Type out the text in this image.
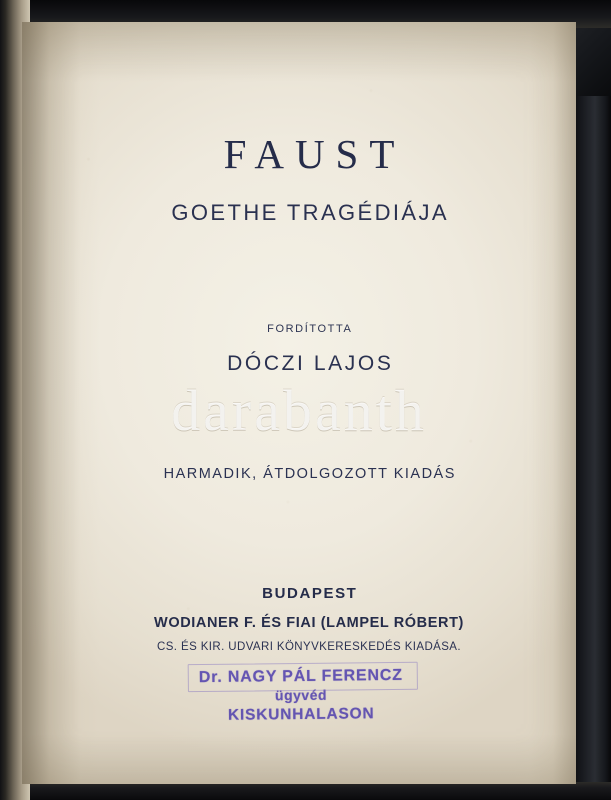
FAUST
GOETHE TRAGÉDIÁJA
FORDÍTOTTA
DÓCZI LAJOS
HARMADIK, ÁTDOLGOZOTT KIADÁS
BUDAPEST
WODIANER F. ÉS FIAI (LAMPEL RÓBERT)
CS. ÉS KIR. UDVARI KÖNYVKERESKEDÉS KIADÁSA.
Dr. NAGY PÁL FERENCZ
ügyvéd
KISKUNHALASON
darabanth
